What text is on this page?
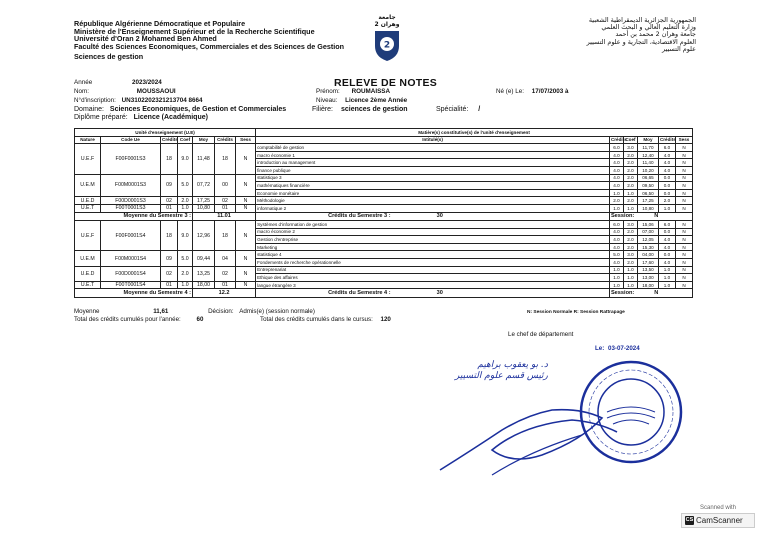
République Algérienne Démocratique et Populaire
Ministère de l'Enseignement Supérieur et de la Recherche Scientifique
Université d'Oran 2 Mohamed Ben Ahmed
Faculté des Sciences Economiques, Commerciales et des Sciences de Gestion
Sciences de gestion
جامعة وهران 2
2
الجمهورية الجزائرية الديمقراطية الشعبية
وزارة التعليم العالي و البحث العلمي
جامعة وهران 2 محمد بن أحمد
العلوم الاقتصادية، التجارية و علوم التسيير
علوم التسيير
RELEVE DE NOTES
Année	2023/2024
Nom:	MOUSSAOUI	Prénom: ROUMAISSA	Né (e) Le: 17/07/2003 à
N°d'inscription: UN3102202321213704 8664	Niveau: Licence 2ème Année
Domaine: Sciences Economiques, de Gestion et Commerciales	Filière: sciences de gestion	Spécialité: /
Diplôme préparé: Licence (Académique)
Unité d'enseignement (U.E)							Matière(s) constitutive(s) de l'unité d'enseignement					
Nature	Code Ue	Crédits	Coef	Moy	Crédits	Sess	Intitulé(s)	Crédits	Coef	Moy	Crédits	Sess
U.E.F	F00F0001S3	18	9.0	11,48	18	N	comptabilité de gestion	6.0	3.0	11,70	6.0	N
							macro économie 1	4.0	2.0	12,40	4.0	N
							introduction au management	4.0	2.0	11,40	4.0	N
							finance publique	4.0	2.0	10,20	4.0	N
U.E.M	F00M0001S3	09	5.0	07,72	00	N	statistique 3	4.0	2.0	06,65	0.0	N
							mathématiques financière	4.0	2.0	09,50	0.0	N
							Economie monétaire	1.0	1.0	06,50	0.0	N
U.E.D	F00D0001S3	02	2.0	17,25	02	N	Méthodologie	2.0	2.0	17,25	2.0	N
U.E.T	F00T0001S3	01	1.0	10,80	01	N	informatique 2	1.0	1.0	10,80	1.0	N
Moyenne du Semestre 3 :				11.01			Crédits du Semestre 3 : 30	Session: N				
U.E.F	F00F0001S4	18	9.0	12,96	18	N	Systèmes d'information de gestion	6.0	3.0	15,06	6.0	N
							macro économie 2	4.0	2.0	07,00	0.0	N
							Gestion d'entreprise	4.0	2.0	12,05	4.0	N
							Marketing	4.0	2.0	15,30	4.0	N
U.E.M	F00M0001S4	09	5.0	09,44	04	N	statistique 4	5.0	3.0	04,00	0.0	N
							Fondements de recherche opérationnelle	4.0	2.0	17,60	4.0	N
U.E.D	F00D0001S4	02	2.0	13,25	02	N	Entreprenariat	1.0	1.0	13,50	1.0	N
							Ethique des affaires	1.0	1.0	13,00	1.0	N
U.E.T	F00T0001S4	01	1.0	18,00	01	N	langue étrangère 3	1.0	1.0	18,00	1.0	N
Moyenne du Semestre 4 :				12.2			Crédits du Semestre 4 : 30	Session: N				
Moyenne	11,61	Décision: Admis(e) (session normale)	N: Session Normale R: Session Rattrapage
Total des crédits cumulés pour l'année:	60	Total des crédits cumulés dans le cursus: 120
Le chef de département
Le: 03-07-2024
د. بو يعقوب براهيم
رئيس قسم علوم التسيير
Scanned with
CS CamScanner
